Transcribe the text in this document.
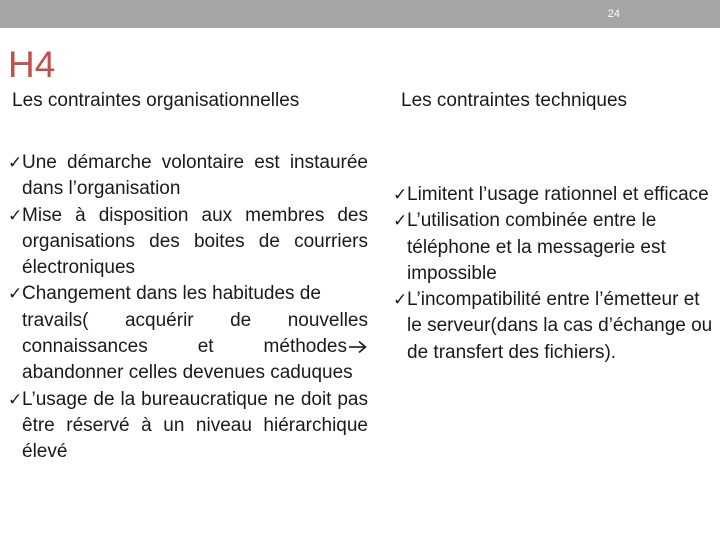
24
H4
Les contraintes organisationnelles	Les contraintes techniques
✓ Une démarche volontaire est instaurée dans l’organisation
✓ Mise à disposition aux membres des organisations des boites de courriers électroniques
✓ Changement dans les habitudes de
travails( acquérir de nouvelles connaissances et méthodes abandonner celles devenues caduques
✓ L’usage de la bureaucratique ne doit pas être réservé à un niveau hiérarchique élevé
✓ Limitent l’usage rationnel et efficace
✓ L’utilisation combinée entre le téléphone et la messagerie est impossible
✓ L’incompatibilité entre l’émetteur et le serveur(dans la cas d’échange ou de transfert des fichiers).
